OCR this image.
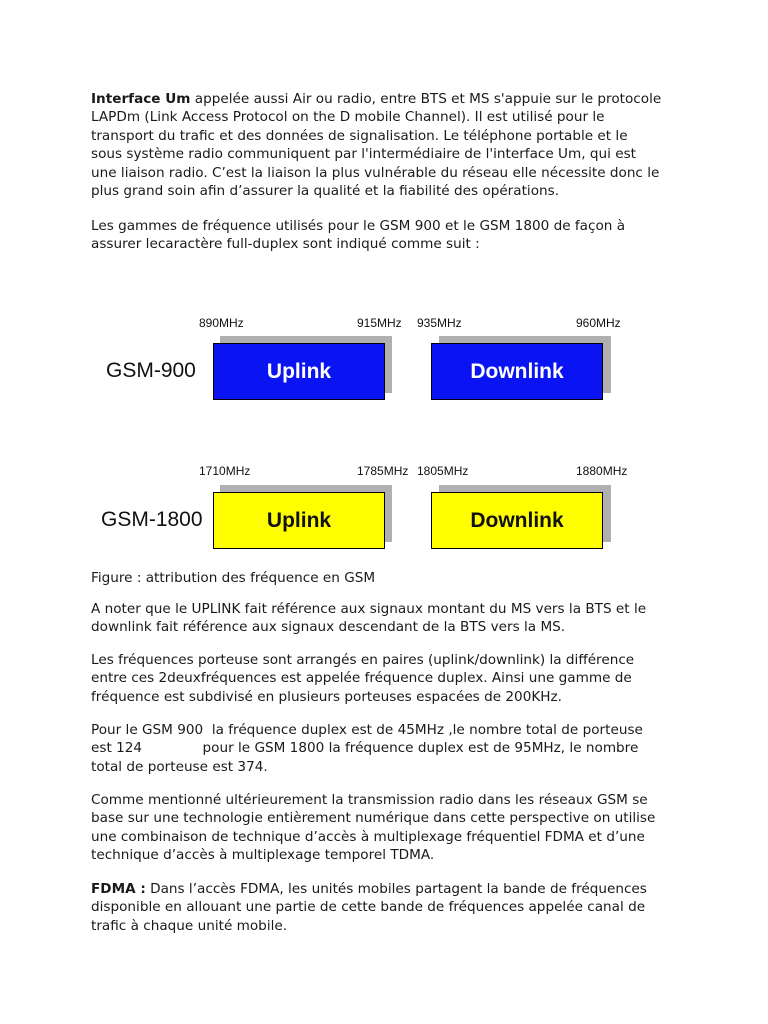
Interface Um appelée aussi Air ou radio, entre BTS et MS s'appuie sur le protocole
LAPDm (Link Access Protocol on the D mobile Channel). Il est utilisé pour le
transport du trafic et des données de signalisation. Le téléphone portable et le
sous système radio communiquent par l'intermédiaire de l'interface Um, qui est
une liaison radio. C’est la liaison la plus vulnérable du réseau elle nécessite donc le
plus grand soin afin d’assurer la qualité et la fiabilité des opérations.

Les gammes de fréquence utilisés pour le GSM 900 et le GSM 1800 de façon à
assurer lecaractère full-duplex sont indiqué comme suit :

Figure : attribution des fréquence en GSM

A noter que le UPLINK fait référence aux signaux montant du MS vers la BTS et le
downlink fait référence aux signaux descendant de la BTS vers la MS.

Les fréquences porteuse sont arrangés en paires (uplink/downlink) la différence
entre ces 2deuxfréquences est appelée fréquence duplex. Ainsi une gamme de
fréquence est subdivisé en plusieurs porteuses espacées de 200KHz.

Pour le GSM 900  la fréquence duplex est de 45MHz ,le nombre total de porteuse
est 124              pour le GSM 1800 la fréquence duplex est de 95MHz, le nombre
total de porteuse est 374.

Comme mentionné ultérieurement la transmission radio dans les réseaux GSM se
base sur une technologie entièrement numérique dans cette perspective on utilise
une combinaison de technique d’accès à multiplexage fréquentiel FDMA et d’une
technique d’accès à multiplexage temporel TDMA.

FDMA : Dans l’accès FDMA, les unités mobiles partagent la bande de fréquences
disponible en allouant une partie de cette bande de fréquences appelée canal de
trafic à chaque unité mobile.

GSM-900
890MHz	915MHz 935MHz	960MHz
Uplink	Downlink
GSM-1800
1710MHz	1785MHz 1805MHz	1880MHz
Uplink	Downlink
